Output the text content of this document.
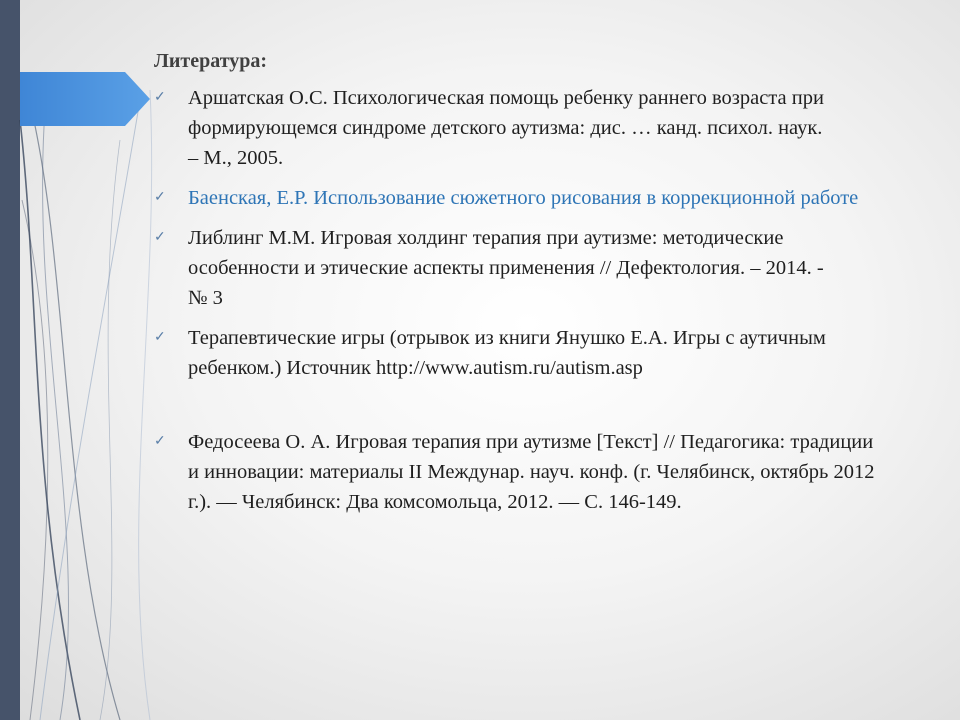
Литература:
✓ Аршатская О.С. Психологическая помощь ребенку раннего возраста при формирующемся синдроме детского аутизма: дис. … канд. психол. наук. – М., 2005.
✓ Баенская, Е.Р. Использование сюжетного рисования в коррекционной работе
✓ Либлинг М.М. Игровая холдинг терапия при аутизме: методические особенности и этические аспекты применения // Дефектология. – 2014. - № 3
✓ Терапевтические игры (отрывок из книги Янушко Е.А. Игры с аутичным ребенком.) Источник http://www.autism.ru/autism.asp
✓ Федосеева О. А. Игровая терапия при аутизме [Текст] // Педагогика: традиции и инновации: материалы II Междунар. науч. конф. (г. Челябинск, октябрь 2012 г.). — Челябинск: Два комсомольца, 2012. — С. 146-149.
